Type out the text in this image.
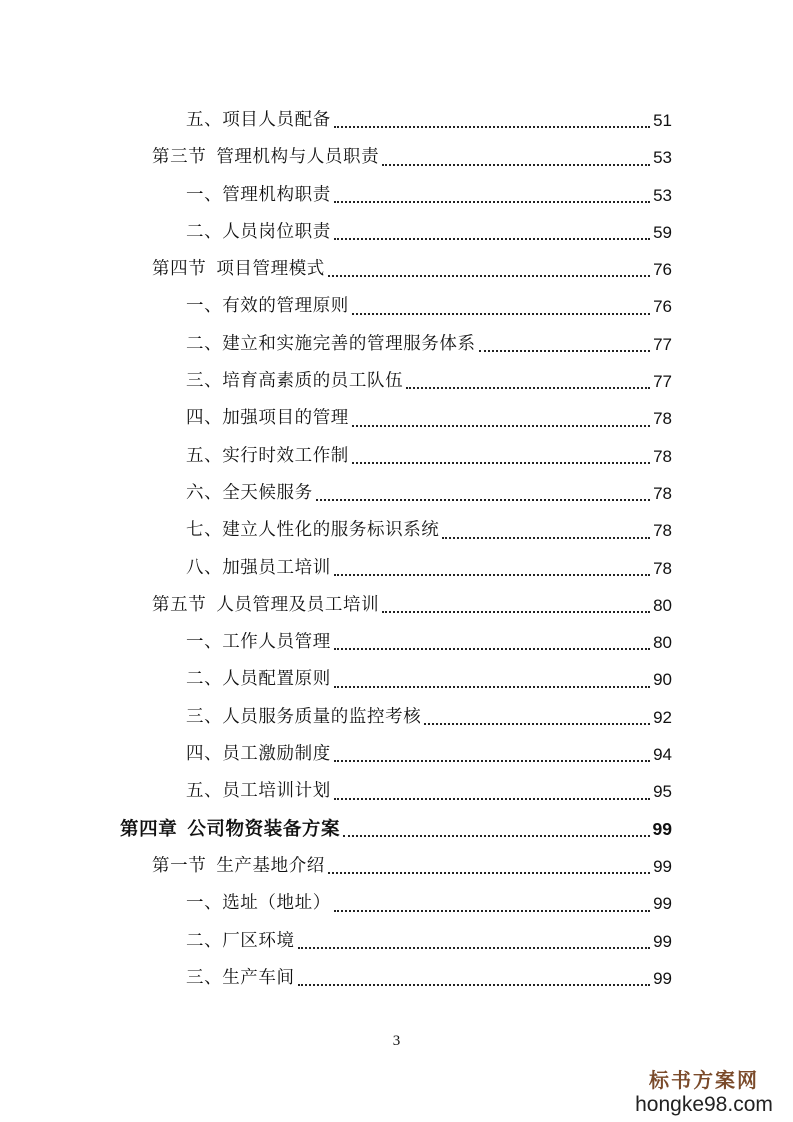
五、项目人员配备	51
第三节 管理机构与人员职责	53
一、管理机构职责	53
二、人员岗位职责	59
第四节 项目管理模式	76
一、有效的管理原则	76
二、建立和实施完善的管理服务体系	77
三、培育高素质的员工队伍	77
四、加强项目的管理	78
五、实行时效工作制	78
六、全天候服务	78
七、建立人性化的服务标识系统	78
八、加强员工培训	78
第五节 人员管理及员工培训	80
一、工作人员管理	80
二、人员配置原则	90
三、人员服务质量的监控考核	92
四、员工激励制度	94
五、员工培训计划	95
第四章 公司物资装备方案	99
第一节 生产基地介绍	99
一、选址（地址）	99
二、厂区环境	99
三、生产车间	99
3
标书方案网
hongke98.com
